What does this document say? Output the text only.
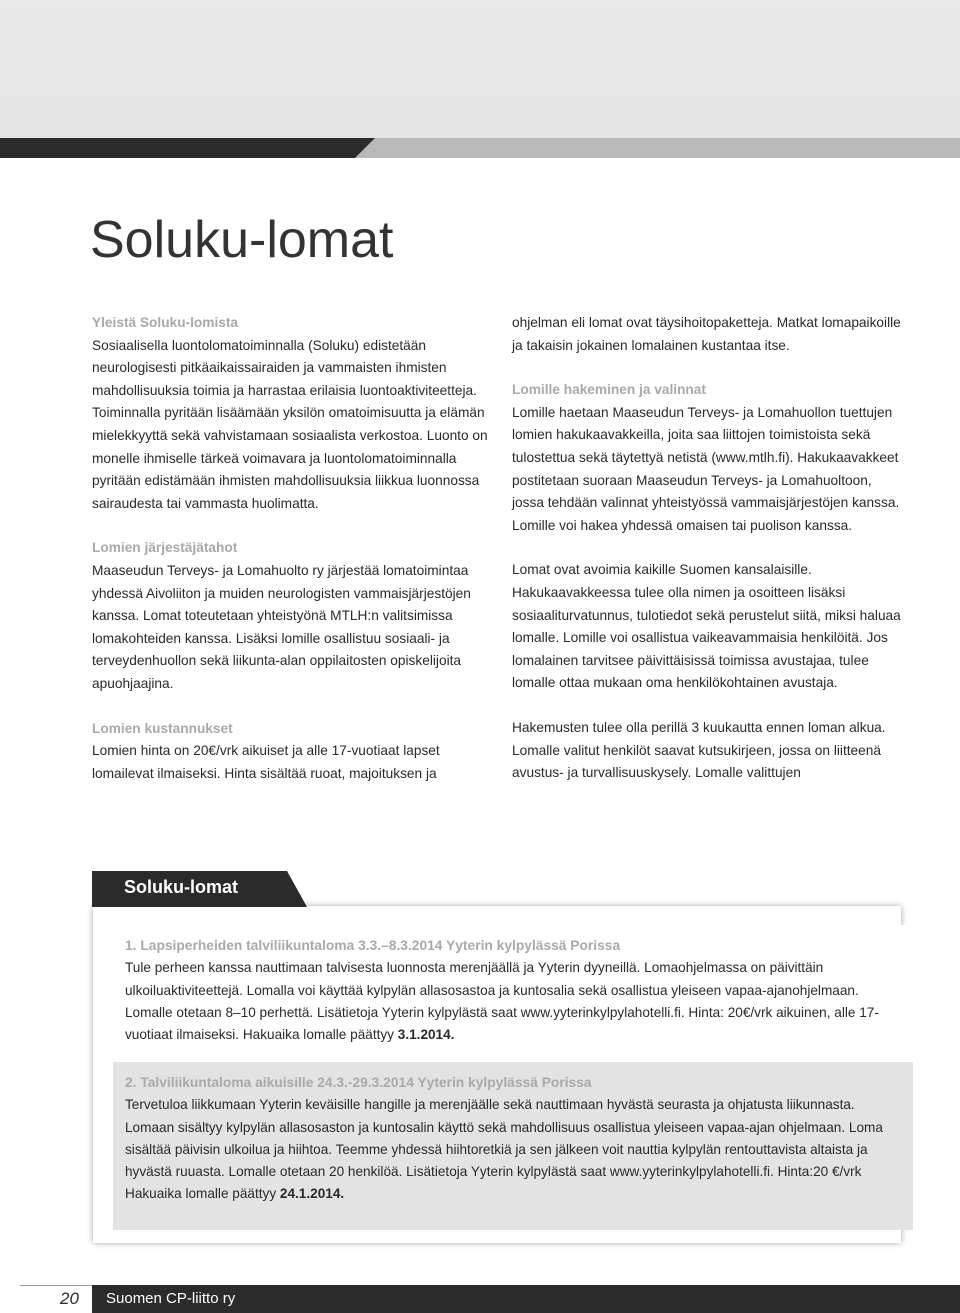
Soluku-lomat
Yleistä Soluku-lomista

Sosiaalisella luontolomatoiminnalla (Soluku) edistetään neurologisesti pitkäaikaissairaiden ja vammaisten ihmisten mahdollisuuksia toimia ja harrastaa erilaisia luontoaktiviteetteja. Toiminnalla pyritään lisäämään yksilön omatoimisuutta ja elämän mielekkyyttä sekä vahvistamaan sosiaalista verkostoa. Luonto on monelle ihmiselle tärkeä voimavara ja luontolomatoiminnalla pyritään edistämään ihmisten mahdollisuuksia liikkua luonnossa sairaudesta tai vammasta huolimatta.

Lomien järjestäjätahot

Maaseudun Terveys- ja Lomahuolto ry järjestää lomatoimintaa yhdessä Aivoliiton ja muiden neurologisten vammaisjärjestöjen kanssa. Lomat toteutetaan yhteistyönä MTLH:n valitsimissa lomakohteiden kanssa. Lisäksi lomille osallistuu sosiaali- ja terveydenhuollon sekä liikunta-alan oppilaitosten opiskelijoita apuohjaajina.

Lomien kustannukset

Lomien hinta on 20€/vrk aikuiset ja alle 17-vuotiaat lapset lomailevat ilmaiseksi. Hinta sisältää ruoat, majoituksen ja

ohjelman eli lomat ovat täysihoitopaketteja. Matkat lomapaikoille ja takaisin jokainen lomalainen kustantaa itse.

Lomille hakeminen ja valinnat

Lomille haetaan Maaseudun Terveys- ja Lomahuollon tuettujen lomien hakukaavakkeilla, joita saa liittojen toimistoista sekä tulostettua sekä täytettyä netistä (www.mtlh.fi). Hakukaavakkeet postitetaan suoraan Maaseudun Terveys- ja Lomahuoltoon, jossa tehdään valinnat yhteistyössä vammaisjärjestöjen kanssa. Lomille voi hakea yhdessä omaisen tai puolison kanssa.

Lomat ovat avoimia kaikille Suomen kansalaisille. Hakukaavakkeessa tulee olla nimen ja osoitteen lisäksi sosiaaliturvatunnus, tulotiedot sekä perustelut siitä, miksi haluaa lomalle. Lomille voi osallistua vaikeavammaisia henkilöitä. Jos lomalainen tarvitsee päivittäisissä toimissa avustajaa, tulee lomalle ottaa mukaan oma henkilökohtainen avustaja.

Hakemusten tulee olla perillä 3 kuukautta ennen loman alkua. Lomalle valitut henkilöt saavat kutsukirjeen, jossa on liitteenä avustus- ja turvallisuuskysely. Lomalle valittujen

Soluku-lomat
1. Lapsiperheiden talviliikuntaloma 3.3.–8.3.2014 Yyterin kylpylässä Porissa

Tule perheen kanssa nauttimaan talvisesta luonnosta merenjäällä ja Yyterin dyyneillä. Lomaohjelmassa on päivittäin ulkoiluaktiviteettejä. Lomalla voi käyttää kylpylän allasosastoa ja kuntosalia sekä osallistua yleiseen vapaa-ajanohjelmaan. Lomalle otetaan 8–10 perhettä. Lisätietoja Yyterin kylpylästä saat www.yyterinkylpylahotelli.fi. Hinta: 20€/vrk aikuinen, alle 17-vuotiaat ilmaiseksi. Hakuaika lomalle päättyy 3.1.2014.

2. Talviliikuntaloma aikuisille 24.3.-29.3.2014 Yyterin kylpylässä Porissa

Tervetuloa liikkumaan Yyterin keväisille hangille ja merenjäälle sekä nauttimaan hyvästä seurasta ja ohjatusta liikunnasta. Lomaan sisältyy kylpylän allasosaston ja kuntosalin käyttö sekä mahdollisuus osallistua yleiseen vapaa-ajan ohjelmaan. Loma sisältää päivisin ulkoilua ja hiihtoa. Teemme yhdessä hiihtoretkiä ja sen jälkeen voit nauttia kylpylän rentouttavista altaista ja hyvästä ruuasta. Lomalle otetaan 20 henkilöä. Lisätietoja Yyterin kylpylästä saat www.yyterinkylpylahotelli.fi. Hinta:20 €/vrk Hakuaika lomalle päättyy 24.1.2014.

20 Suomen CP-liitto ry
